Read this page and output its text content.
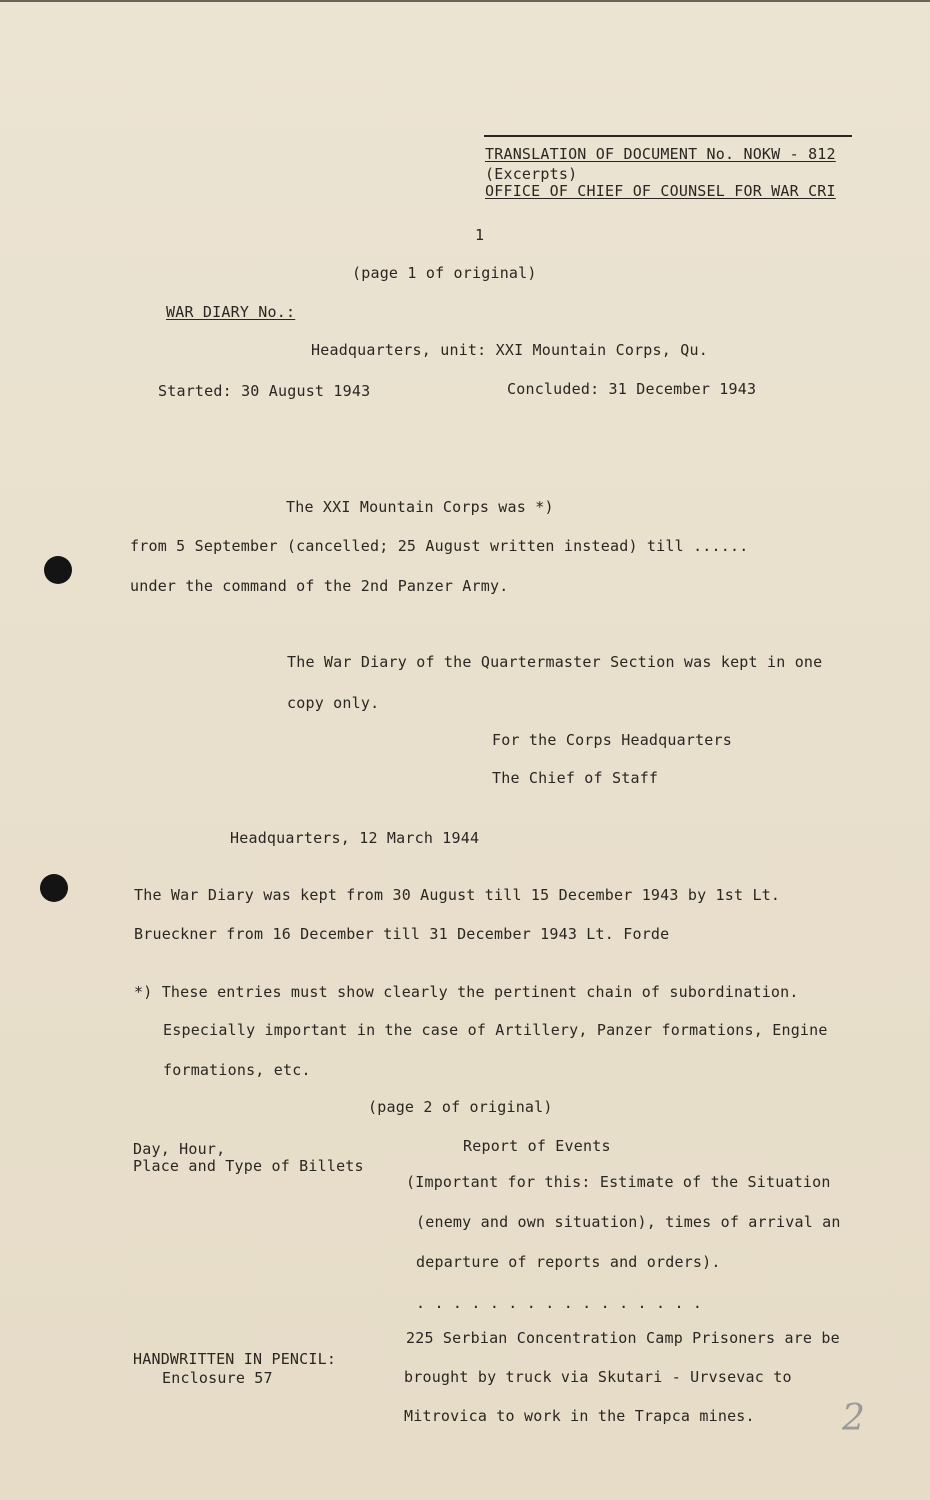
TRANSLATION OF DOCUMENT No. NOKW - 812
(Excerpts)
OFFICE OF CHIEF OF COUNSEL FOR WAR CRI
1
(page 1 of original)
WAR DIARY No.:
Headquarters, unit: XXI Mountain Corps, Qu.
Started: 30 August 1943	Concluded: 31 December 1943
The XXI Mountain Corps was *)
from 5 September (cancelled; 25 August written instead) till ......
under the command of the 2nd Panzer Army.
The War Diary of the Quartermaster Section was kept in one
copy only.
For the Corps Headquarters
The Chief of Staff
Headquarters, 12 March 1944
The War Diary was kept from 30 August till 15 December 1943 by 1st Lt.
Brueckner from 16 December till 31 December 1943 Lt. Forde
*) These entries must show clearly the pertinent chain of subordination.
Especially important in the case of Artillery, Panzer formations, Engine
formations, etc.
(page 2 of original)
Day, Hour,
Place and Type of Billets
Report of Events
(Important for this: Estimate of the Situation
(enemy and own situation), times of arrival an
departure of reports and orders).
. . . . . . . . . . . . . . . .
225 Serbian Concentration Camp Prisoners are be
HANDWRITTEN IN PENCIL:
Enclosure 57	brought by truck via Skutari - Urvsevac to
Mitrovica to work in the Trapca mines. 2
